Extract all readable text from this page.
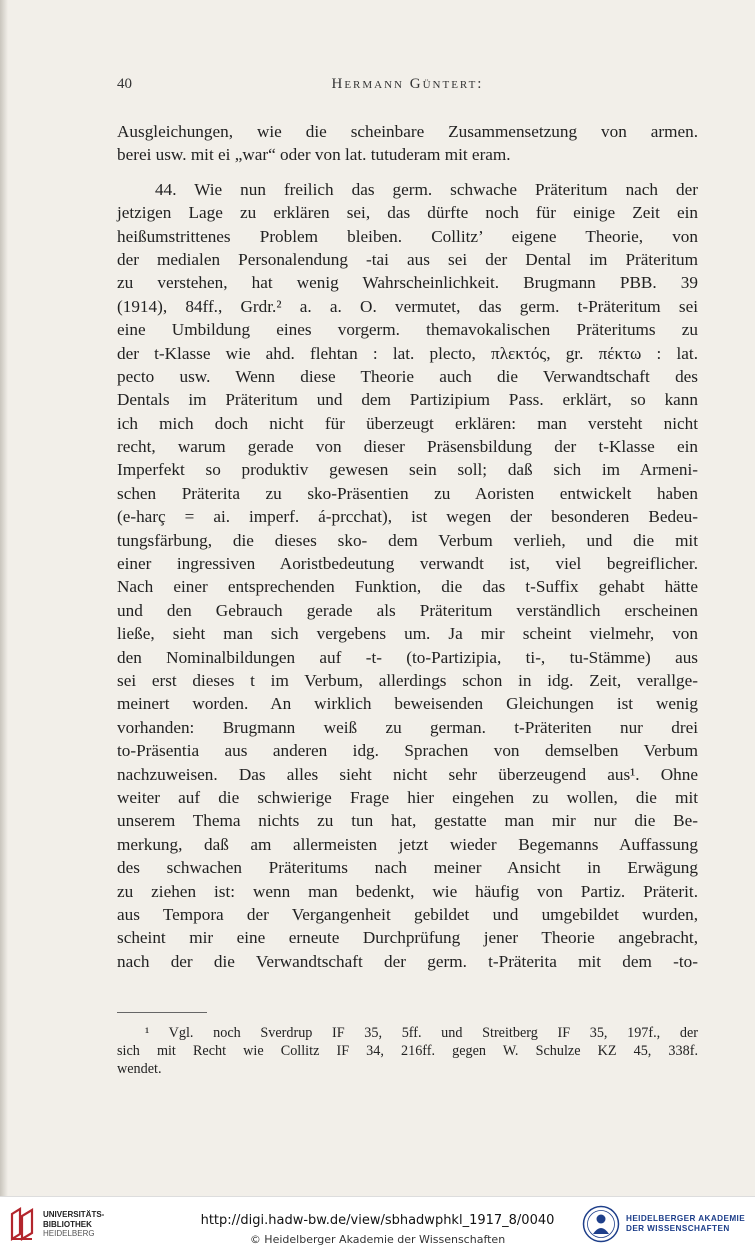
40	Hermann Güntert:
Ausgleichungen, wie die scheinbare Zusammensetzung von armen.
berei usw. mit ei „war“ oder von lat. tutuderam mit eram.
44. Wie nun freilich das germ. schwache Präteritum nach der
jetzigen Lage zu erklären sei, das dürfte noch für einige Zeit ein
heißumstrittenes Problem bleiben. Collitz’ eigene Theorie, von
der medialen Personalendung -tai aus sei der Dental im Präteritum
zu verstehen, hat wenig Wahrscheinlichkeit. Brugmann PBB. 39
(1914), 84ff., Grdr.² a. a. O. vermutet, das germ. t-Präteritum sei
eine Umbildung eines vorgerm. themavokalischen Präteritums zu
der t-Klasse wie ahd. flehtan : lat. plecto, πλεκτός, gr. πέκτω : lat.
pecto usw. Wenn diese Theorie auch die Verwandtschaft des
Dentals im Präteritum und dem Partizipium Pass. erklärt, so kann
ich mich doch nicht für überzeugt erklären: man versteht nicht
recht, warum gerade von dieser Präsensbildung der t-Klasse ein
Imperfekt so produktiv gewesen sein soll; daß sich im Armeni-
schen Präterita zu sko-Präsentien zu Aoristen entwickelt haben
(e-harç = ai. imperf. á-prcchat), ist wegen der besonderen Bedeu-
tungsfärbung, die dieses sko- dem Verbum verlieh, und die mit
einer ingressiven Aoristbedeutung verwandt ist, viel begreiflicher.
Nach einer entsprechenden Funktion, die das t-Suffix gehabt hätte
und den Gebrauch gerade als Präteritum verständlich erscheinen
ließe, sieht man sich vergebens um. Ja mir scheint vielmehr, von
den Nominalbildungen auf -t- (to-Partizipia, ti-, tu-Stämme) aus
sei erst dieses t im Verbum, allerdings schon in idg. Zeit, verallge-
meinert worden. An wirklich beweisenden Gleichungen ist wenig
vorhanden: Brugmann weiß zu german. t-Präteriten nur drei
to-Präsentia aus anderen idg. Sprachen von demselben Verbum
nachzuweisen. Das alles sieht nicht sehr überzeugend aus¹. Ohne
weiter auf die schwierige Frage hier eingehen zu wollen, die mit
unserem Thema nichts zu tun hat, gestatte man mir nur die Be-
merkung, daß am allermeisten jetzt wieder Begemanns Auffassung
des schwachen Präteritums nach meiner Ansicht in Erwägung
zu ziehen ist: wenn man bedenkt, wie häufig von Partiz. Präterit.
aus Tempora der Vergangenheit gebildet und umgebildet wurden,
scheint mir eine erneute Durchprüfung jener Theorie angebracht,
nach der die Verwandtschaft der germ. t-Präterita mit dem -to-
¹ Vgl. noch Sverdrup IF 35, 5ff. und Streitberg IF 35, 197f., der
sich mit Recht wie Collitz IF 34, 216ff. gegen W. Schulze KZ 45, 338f.
wendet.
UNIVERSITÄTS-
BIBLIOTHEK
HEIDELBERG
http://digi.hadw-bw.de/view/sbhadwphkl_1917_8/0040
© Heidelberger Akademie der Wissenschaften
HEIDELBERGER AKADEMIE
DER WISSENSCHAFTEN
